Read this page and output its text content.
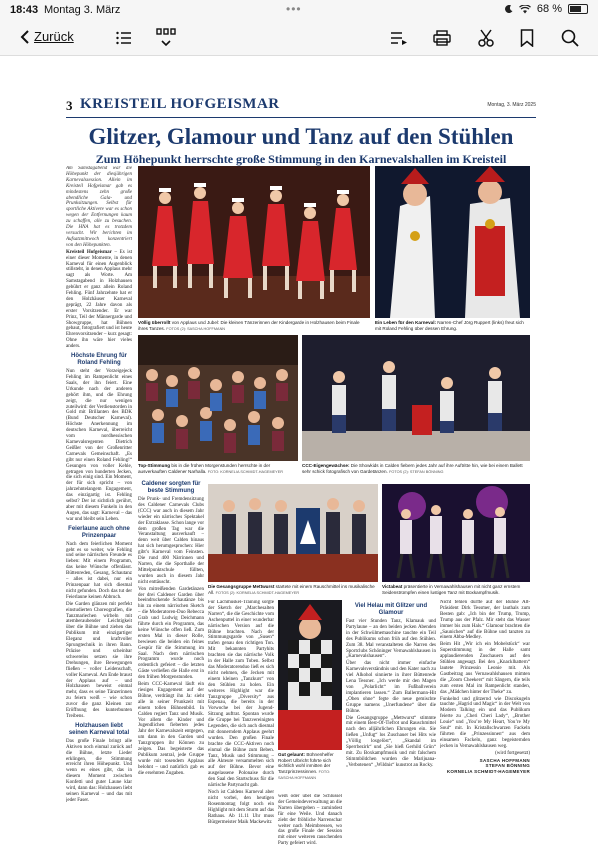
18:43 Montag 3. März	•••	68 %
Zurück
3 KREISTEIL HOFGEISMAR	Montag, 3. März 2025
Glitzer, Glamour und Tanz auf den Stühlen
Zum Höhepunkt herrschte große Stimmung in den Karnevalshallen im Kreisteil

Am Samstagabend war die Höhepunkt der diesjährigen Karnevalssession. Allein im Kreisteil Hofgeismar gab es mindestens zehn große abendliche Gala- und Prunksitzungen. Selbst für sportliche Aktivere war es schon wegen der Entfernungen kaum zu schaffen, alle zu besuchen. Die HNA hat es trotzdem versucht. Wir berichten im Aufsatzmittwoch konzentriert von den Höhepunkten.

Kreisteil Hofgeismar – Es ist einer dieser Momente, in denen Karneval für einen Augenblick stillsteht, in denen Applaus mehr sagt als Worte. Am Samstagabend in Holzhausen gebührt er ganz allein Roland Fehling. Fünf Jahrzehnte hat er den Holzhäuser Karneval geprägt, 22 Jahre davon als erster Vorsitzender. Er war Prinz, Teil der Männergarde und Showgruppe, hat Bühnen gebaut, fotografiert und ist heute Ehrenvorsitzender – kurz gesagt: Ohne ihn wäre hier vieles anders.

Höchste Ehrung für Roland Fehling

Nun steht der Vorzeigejeck Fehling im Rampenlicht eines Saals, der ihn feiert. Eine Urkunde nach der anderen gehört ihm, und die Ehrung zeigt, die nur wenigen zuteilwird: der Verdienstorden in Gold mit Brillanten des BDK (Bund Deutscher Karneval). Höchste Anerkennung im deutschen Karneval, überreicht vom nordhessischen Karnevalsregenten Dietrich Geißler von der Großenritter Carnevals Gemeinschaft. „Es gibt nur einen Roland Fehling!“ Gesungen von voller Kehle, getragen von hunderten Jecken, die sich einig sind. Ein Moment, der für sich spricht – von jahrzehntelangem Engagement, das einzigartig ist. Fehling selbst? Der ist sichtlich gerührt, aber mit diesem Funkeln in den Augen, das sagt: Karneval – das war und bleibt sein Leben.

Feierlaune auch ohne Prinzenpaar

Nach dem feierlichen Moment geht es so weiter, wie Fehling und seine närrischen Freunde es lieben: Mit einem Programm, das keine Wünsche offenlässt. Büttenreden, Gesang, Schautanz – alles ist dabei, nur ein Prinzenpaar hat sich diesmal nicht gefunden. Doch das tut der Feierlaune keinen Abbruch.

Die Garden glänzen mit perfekt einstudierten Choreografien, die Tanzmariechen wirbeln mit atemberaubender Leichtigkeit über die Bühne und ziehen das Publikum mit einzigartiger Eleganz und kraftvoller Sprungtechnik in ihren Bann. Präzise und scheinbar schwerelos setzen sie ihre Drehungen, ihre Bewegungen fließen – voller Leidenschaft, voller Karneval. Am Ende braust der Applaus auf – und Holzhausen beweist einmal mehr, dass es seine Tänzerinnen zu feiern weiß – wie schon zuvor die ganz Kleinen zur Eröffnung des kunterbunten Treibens.

Holzhausen liebt seinen Karneval total

Das große Finale bringt alle Aktiven noch einmal zurück auf die Bühne, letzte Lieder erklingen, die Stimmung erreicht ihren Höhepunkt. Und wenn es eines gibt, das in diesem Moment zwischen Konfetti und guter Laune klar wird, dann das: Holzhausen liebt seinen Karneval – und das mit jeder Faser.

Völlig überrollt von Applaus und Jubel: Die kleinen Tänzerinnen der Kindergarde in Holzhausen beim Finale ihres Tanzes. FOTOS (2): SASCHA HOFFMANN
Ein Leben für den Karneval: Narren-Chef Jörg Ruppert (links) freut sich mit Roland Fehling über dessen Ehrung.
Top-Stimmung bis in die frühen Morgenstunden herrschte in der ausverkauften Caldener Narhalla. FOTO: KORNELIA SCHMIDT-HAGEMEYER
CCC-Eigengewächse: Die Showkids in Calden fiebern jedes Jahr auf ihre Auftritte hin, wie bei einem Ballett sehr schick fotografisch von Gardetänzen. FOTOS (2): STEFAN BÖNNING
Caldener sorgten für beste Stimmung

Die Prunk- und Fremdensitzung des Caldener Carnevals Clubs (CCC) war auch in diesem Jahr wieder ein närrisches Spektakel der Extraklasse. Schon lange vor dem großen Tag war die Veranstaltung ausverkauft – denn weit über Calden hinaus hat sich herumgesprochen: Hier gibt’s Karneval vom Feinsten. Die rund 400 Närrinnen und Narren, die die Sporthalle der Mittelpunktschule füllten, wurden auch in diesem Jahr nicht enttäuscht.

Von mitreißenden Gardetänzen der drei Caldener Garden über beeindruckende Schautänze bis hin zu einem närrischen Sketch – die Moderatoren-Duo Rebecca Grab und Ludwig Deichmann führte durch ein Programm, das keine Wünsche offen ließ. Zum ersten Mal in dieser Rolle, bewiesen die beiden ein feines Gespür für die Stimmung im Saal. Nach dem närrischen Programm wurde noch ordentlich gefeiert – die letzten Gäste verließen die Halle erst in den frühen Morgenstunden.

Beim CCC-Karneval läuft ein riesiges Engagement auf der Bühne, verdrängt ihn Ja: sieht alle in seiner Prunkzeit mit einem tollen Bühnenbild. In Calden regiert Tanz und Musik. Vor allem die Kinder und Jugendlichen fieberten jedes Jahr der Karnevalszeit entgegen, um dann in den Garden und Tanzgruppen ihr Können zu zeigen. Das begeisterte das Publikum zentral, jede Gruppe wurde mit tosendem Applaus belohnt – und natürlich gab es die ersehnten Zugaben.

Die Gesangsgruppe Mettwurst startete mit einem Rauschmittel ins musikalische All. FOTOS (2): KORNELIA SCHMIDT-HAGEMEYER
Victabeat präsentierte in Vernawahlshausen mit nicht ganz ernstem Seidenstrümpfen einen lustigen Tanz mit Boxkampfmusik.

Für Lachmuskel-Training sorgte der Sketch der „Marchesalten Narren“, die die Geschichte vom Aschenputtel in einer wunderbar närrischen Version auf die Bühne brachten. Nach der Stimmungsgarde von „Susen“ trafen genau den richtigen Ton. Mit bekannten Partyhits brachten sie das närrische Volk in der Halle zum Toben. Selbst das Moderatorenduo ließ es sich nicht nehmen, die Jecken mit einem kleinen „Tanzkurs“ von den Stühlen zu holen. Ein weiteres Highlight war die Tanzgruppe „Diversity“ aus Espenau, die bereits in der Vorwoche bei der Jugend-Sitzung auftrat. Spontan wurde die Gruppe bei Tanzvereinigten Legenden, die sich auch diesmal mit donnerndem Applaus geehrt wurden. Den großen Finale brachte die CCC-Aktiven noch einmal die Bühne zum Beben. Tanz, Musik und Stimmung – alle Akteure versammelten sich auf der Bühne. Bevor eine ausgelassene Polonaise durch den Saal den Startschuss für die närrische Partynacht gab.

Noch ist Caldens Karneval aber nicht vorbei, den heutigen Rosenmontag folgt noch ein Highlight mit dem Sturm auf das Rathaus. Ab 11.11 Uhr muss Bürgermeister Maik Mackewitz

Gut gelaunt: Bühnenhelfer Robert Ulbricht führte sich sichtlich wohl inmitten der Tanzprinzessinnen. FOTO: SASCHA HOFFMANN

weiß oder übel die Schlüssel der Gemeindeverwaltung an die Narren übergeben – zumindest für eine Weile. Und danach zieht der fröhliche Narrenschar weiter nach Meimbressen, wo das große Finale der Session mit einer weiteren rauschenden Party gefeiert wird.

Viel Helau mit Glitzer und Glamour

Fast vier Stunden Tanz, Klamauk und Partylaune – an den beiden jecken Abenden in der Schwülmemaschine tauchte ein Teil des Publikums schon früh auf den Stühlen. Zum 38. Mal veranstalteten die Narren des Sportclubs Schöninger Vernawahlshausen in „Karnevalshausen“.

Über das nicht immer einfache Karnevalsverständnis und den Kater nach zu viel Alkohol sinnierte in ihrer Büttenrede Lena Tessner. „Ich werde mir den Magen von „Polarlicht“ im Fußballverein implantieren lassen.“ Zum Ballermann-Hit „Oben ohne“ fegte die neue gemischte Gruppe namens „Unerfundene“ über die Bühne.

Die Gesangsgruppe „Mettwurst“ stimmte mit einem Best-Of-Tiefrot und Rauschmittel nach den alljährlichen Ehrungen ein. Sie ließen „Unfug“ los Zuschauer bei Hits wie „Völlig losgelöst“, „Skandal im Sperrbezirk“ und „Sie hieß Gerhild Grün“ mit. Zu Boxkampfmusik und mit falschem Stimmbildchen wurden die Marijuana-„Verbotenen“ „Wildnis“ kunstrot an Rocky.

Nicht fehlen durfte auf der Bühne Alt-Präsident Dirk Tessmer, der lauthals zum Besten gab: „Ich bin der Trump, Trump, Trump aus der Pfalz. Mir steht das Wasser immer bis zum Hals.“ Glamour brachten die „Saunichen“ auf die Bühne und tanzten zu einem Abba-Medley.

Beim Hit „Wir ich ein Mobelstück“ war Superstimmung in der Halle samt applaudierenden Zuschauern auf den Stühlen angesagt. Bei den „Knacklhattern“ lautete Prinzessin Leonie mit. Als Gastbeitrag aus Vernawahlshausen mimten die „Zoom Cheekers“ mit Sängern, die teils zum ersten Mal im Rampenlicht standen, das „Mädchen hinter der Theke“ zu.

Funkelnd und glitzernd wie Discokugeln tauchte „Hagrid und Magic“ in der Welt von Modern Talking ein und das Publikum feierte zu „Cheri Cheri Lady“, „Brother Louie“ und „You’re My Heart, You’re My Soul“ mit. In Kristallschwarzen Fackeln führten die „Prinzessinnen“ aus dem einsamen Fackeln, ganz begeisternden jecken in Vernawahlshausen weg.

(wird fortgesetzt)

SASCHA HOFFMANN
STEFAN BÖNNING
KORNELIA SCHMIDT-HAGEMEYER
